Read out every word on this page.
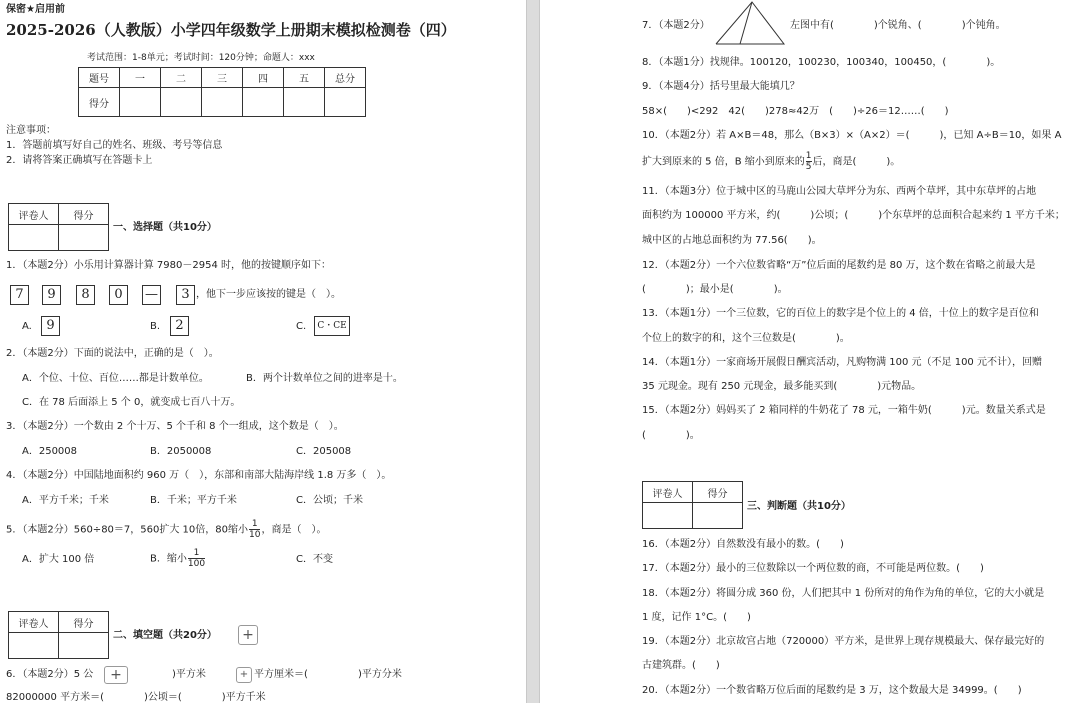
保密★启用前
2025-2026（人教版）小学四年级数学上册期末模拟检测卷（四）
考试范围：1-8单元；考试时间：120分钟；命题人：xxx
题号	一	二	三	四	五	总分
得分						
注意事项：
1．答题前填写好自己的姓名、班级、考号等信息
2．请将答案正确填写在答题卡上
评卷人	得分

一、选择题（共10分）
1．（本题2分）小乐用计算器计算 7980－2954 时，他的按键顺序如下：
7	9	8	0	—	3 ，他下一步应该按的键是（　）。
A.	9	B.	2	C.	C・CE
2．（本题2分）下面的说法中，正确的是（　）。
A．个位、十位、百位……都是计数单位。	B．两个计数单位之间的进率是十。
C．在 78 后面添上 5 个 0，就变成七百八十万。
3．（本题2分）一个数由 2 个十万、5 个千和 8 个一组成，这个数是（　）。
A．250008	B．2050008	C．205008
4．（本题2分）中国陆地面积约 960 万（　），东部和南部大陆海岸线 1.8 万多（　）。
A．平方千米；千米	B．千米；平方千米	C．公顷；千米
5．（本题2分）560÷80＝7，560扩大 10倍，80缩小 $\frac{1}{10}$ ，商是（　）。
A．扩大 100 倍	B．缩小 $\frac{1}{100}$	C．不变
评卷人	得分

二、填空题（共20分） +
6．（本题2分）5 公	+	)平方米	+ 平方厘米＝(	)平方分米
82000000 平方米＝(　　　　)公顷＝(　　　　)平方千米
7．（本题2分）	左图中有(　　　　)个锐角、(　　　　)个钝角。
8．（本题1分）找规律。100120，100230，100340，100450，(　　　　)。
9．（本题4分）括号里最大能填几？
58×(　　)<292　42(　　)278≈42万　(　　)÷26＝12……(　　)
10．（本题2分）若 A×B＝48，那么（B×3）×（A×2）＝(　　　)，已知 A÷B＝10，如果 A
扩大到原来的 5 倍，B 缩小到原来的 $\frac{1}{5}$ 后，商是(　　　)。
11．（本题3分）位于城中区的马鹿山公园大草坪分为东、西两个草坪，其中东草坪的占地
面积约为 100000 平方米，约(　　　)公顷；(　　　)个东草坪的总面积合起来约 1 平方千米；
城中区的占地总面积约为 77.56(　　)。
12．（本题2分）一个六位数省略“万”位后面的尾数约是 80 万，这个数在省略之前最大是
(　　　　)；最小是(　　　　)。
13．（本题1分）一个三位数，它的百位上的数字是个位上的 4 倍，十位上的数字是百位和
个位上的数字的和，这个三位数是(　　　　)。
14．（本题1分）一家商场开展假日酬宾活动，凡购物满 100 元（不足 100 元不计），回赠
35 元现金。现有 250 元现金，最多能买到(　　　　)元物品。
15．（本题2分）妈妈买了 2 箱同样的牛奶花了 78 元，一箱牛奶(　　　)元。数量关系式是
(　　　　)。
评卷人	得分

三、判断题（共10分）
16．（本题2分）自然数没有最小的数。(　　)
17．（本题2分）最小的三位数除以一个两位数的商，不可能是两位数。(　　)
18．（本题2分）将圆分成 360 份，人们把其中 1 份所对的角作为角的单位，它的大小就是
1 度，记作 1°C。(　　)
19．（本题2分）北京故宫占地（720000）平方米，是世界上现存规模最大、保存最完好的
古建筑群。(　　)
20．（本题2分）一个数省略万位后面的尾数约是 3 万，这个数最大是 34999。(　　)
